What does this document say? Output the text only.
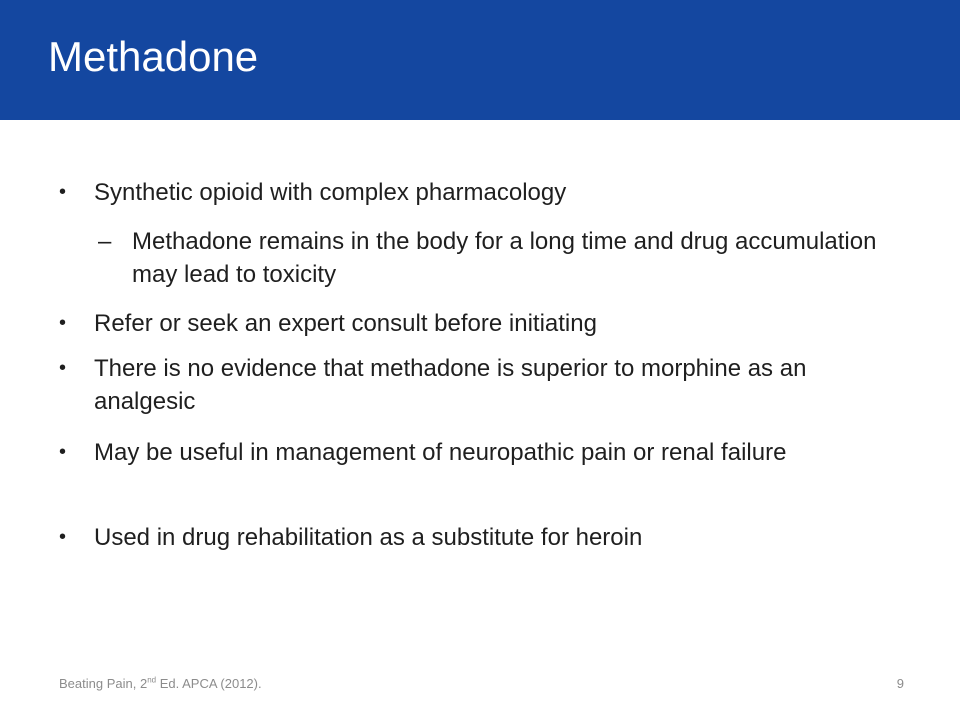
Methadone
• Synthetic opioid with complex pharmacology
– Methadone remains in the body for a long time and drug accumulation may lead to toxicity
• Refer or seek an expert consult before initiating
• There is no evidence that methadone is superior to morphine as an analgesic
• May be useful in management of neuropathic pain or renal failure
• Used in drug rehabilitation as a substitute for heroin
Beating Pain, 2nd Ed. APCA (2012).	9
